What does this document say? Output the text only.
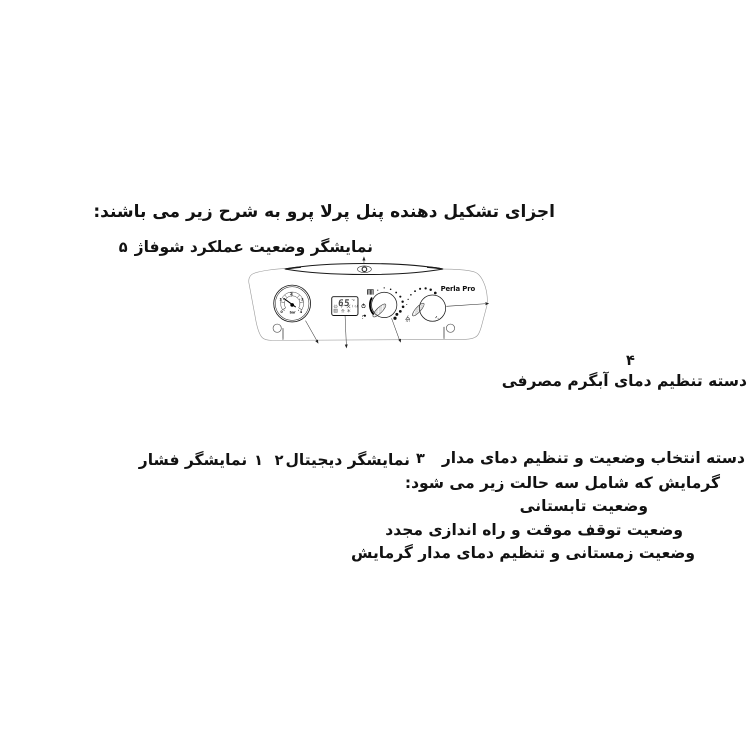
اجزای تشکیل دهنده پنل پرلا پرو به شرح زیر می باشند:
نمایشگر وضعیت عملکرد شوفاژ
۵
۴
دسته تنظیم دمای آبگرم مصرفی
۱
نمایشگر فشار نمایشگر دیجیتال
۲	دسته انتخاب وضعیت و تنظیم دمای مدار
۳
گرمایش که شامل سه حالت زیر می شود:
وضعیت تابستانی
وضعیت توقف موقت و راه اندازی مجدد
وضعیت زمستانی و تنظیم دمای مدار گرمایش
0
1
2
3
4
bar
65 °c
Perla Pro
